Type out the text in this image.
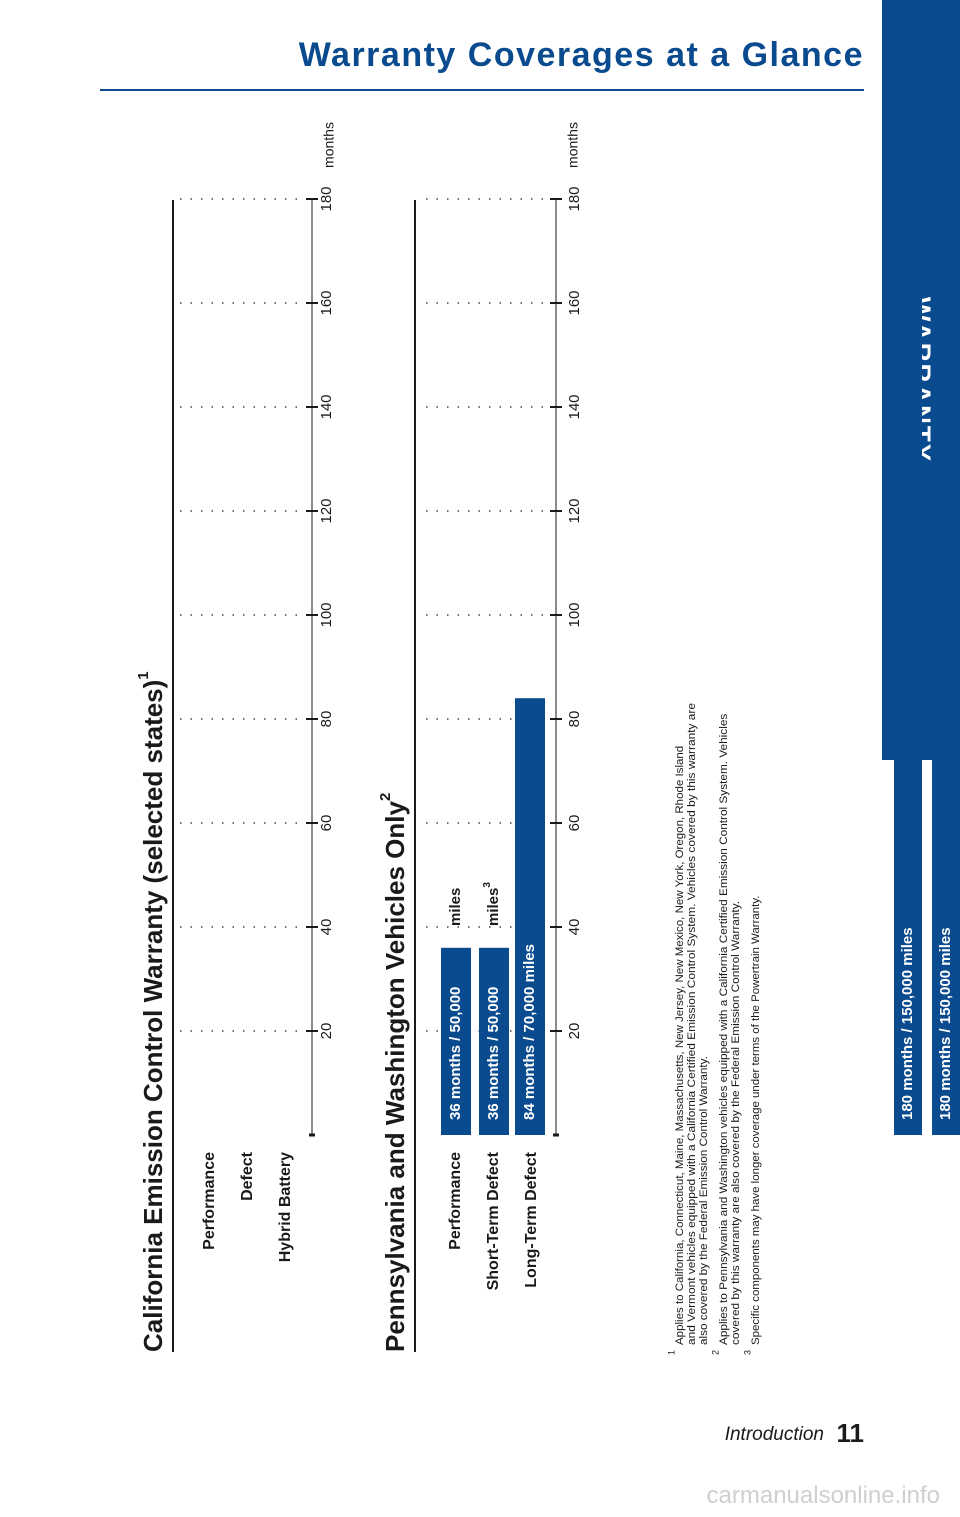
Warranty Coverages at a Glance
California Emission Control Warranty (selected states)$^1$
180 months / 150,000 miles
Performance
180 months / 150,000 miles
Defect Hybrid Battery
20
40
60
80
100
120
140
160
180
months
Pennsylvania and Washington Vehicles Only$^2$
36 months / 50,000
miles
Performance
36 months / 50,000
miles$^3$
Short-Term Defect
84 months / 70,000 miles
Long-Term Defect
20
40
60
80
100
120
140
160
180
months
1
Applies to California, Connecticut, Maine, Massachusetts, New Jersey, New Mexico, New York, Oregon, Rhode Island and Vermont vehicles equipped with a California Certified Emission Control System. Vehicles covered by this warranty are also covered by the Federal Emission Control Warranty.
2
Applies to Pennsylvania and Washington vehicles equipped with a California Certified Emission Control System. Vehicles covered by this warranty are also covered by the Federal Emission Control Warranty.
3
Specific components may have longer coverage under terms of the Powertrain Warranty.
Introduction 11
carmanualsonline.info
